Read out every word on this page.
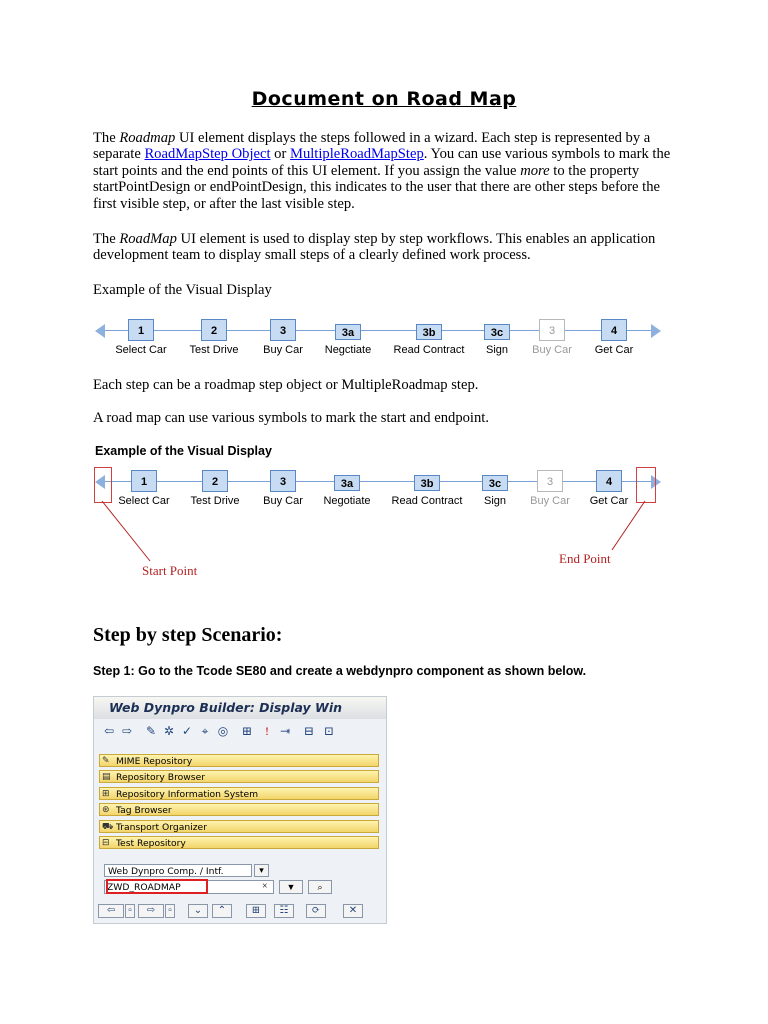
Document on Road Map

The Roadmap UI element displays the steps followed in a wizard. Each step is represented by a separate RoadMapStep Object or MultipleRoadMapStep. You can use various symbols to mark the start points and the end points of this UI element. If you assign the value more to the property startPointDesign or endPointDesign, this indicates to the user that there are other steps before the first visible step, or after the last visible step.

The RoadMap UI element is used to display step by step workflows. This enables an application development team to display small steps of a clearly defined work process.

Example of the Visual Display

1
Select Car
2
Test Drive
3
Buy Car
3a
Negctiate
3b
Read Contract
3c
Sign
3
Buy Car
4
Get Car

Each step can be a roadmap step object or MultipleRoadmap step.

A road map can use various symbols to mark the start and endpoint.

Example of the Visual Display
1
Select Car
2
Test Drive
3
Buy Car
3a
Negotiate
3b
Read Contract
3c
Sign
3
Buy Car
4
Get Car
Start Point
End Point
Step by step Scenario:

Step 1: Go to the Tcode SE80 and create a webdynpro component as shown below.

Web Dynpro Builder: Display Win
⇦ ⇨ ✎ ✲ ✓ ⌖ ◎ ⊞	! ⇥ ⊟ ⊡
✎ MIME Repository
▤ Repository Browser
⊞ Repository Information System
⊛ Tag Browser
⛟ Transport Organizer
⊟ Test Repository
Web Dynpro Comp. / Intf.	▾
ZWD_ROADMAP	×	▼	⌕
⇦	▫	⇨	▫	⌄	⌃	⊞	☷	⟳	✕
